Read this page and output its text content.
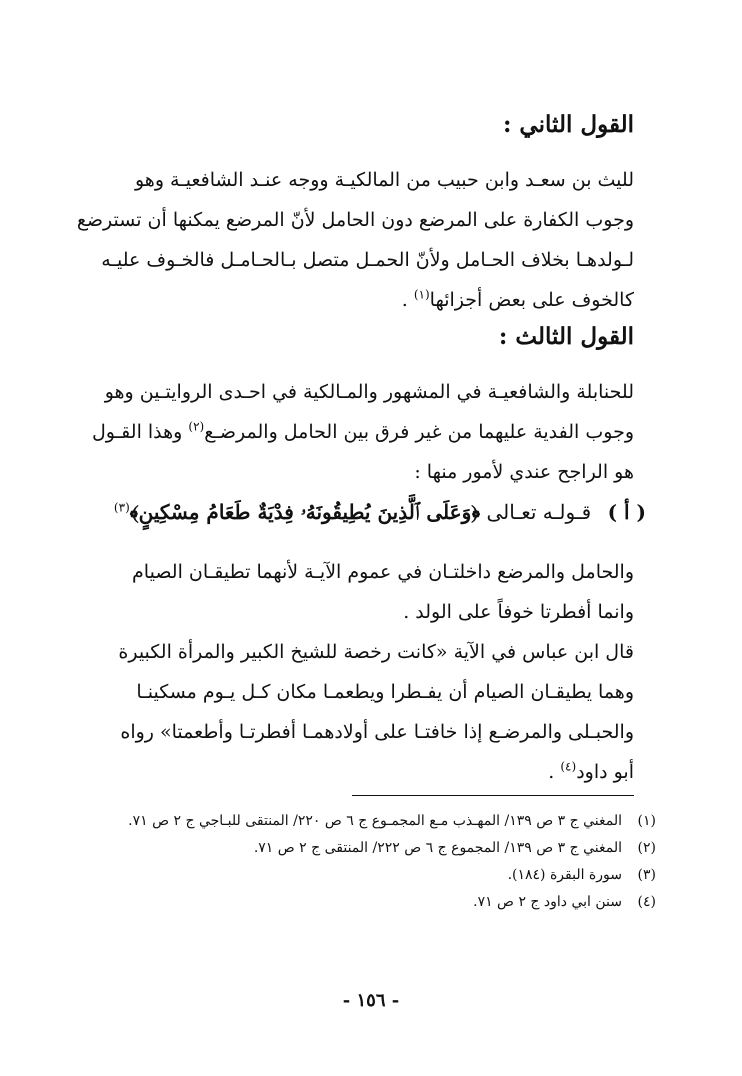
القول الثاني :
لليث بن سعـد وابن حبيب من المالكيـة ووجه عنـد الشافعيـة وهو
وجوب الكفارة على المرضع دون الحامل لأنّ المرضع يمكنها أن تسترضع
لـولدهـا بخلاف الحـامل ولأنّ الحمـل متصل بـالحـامـل فالخـوف عليـه
كالخوف على بعض أجزائها$^{(١)}$ .
القول الثالث :
للحنابلة والشافعيـة في المشهور والمـالكية في احـدى الروايتـين وهو
وجوب الفدية عليهما من غير فرق بين الحامل والمرضـع$^{(٢)}$ وهذا القـول
هو الراجح عندي لأمور منها :
( أ ) قـولـه تعـالى ﴿وَعَلَى ٱلَّذِينَ يُطِيقُونَهُۥ فِدْيَةٌ طَعَامُ مِسْكِينٍ﴾$^{(٣)}$
والحامل والمرضع داخلتـان في عموم الآيـة لأنهما تطيقـان الصيام
وانما أفطرتا خوفاً على الولد .
قال ابن عباس في الآية «كانت رخصة للشيخ الكبير والمرأة الكبيرة
وهما يطيقـان الصيام أن يفـطرا ويطعمـا مكان كـل يـوم مسكينـا
والحبـلى والمرضـع إذا خافتـا على أولادهمـا أفطرتـا وأطعمتا» رواه
أبو داود$^{(٤)}$ .
(١)
المغني ج ٣ ص ١٣٩/ المهـذب مـع المجمـوع ج ٦ ص ٢٢٠/ المنتقى للبـاجي ج ٢ ص ٧١.
(٢)
المغني ج ٣ ص ١٣٩/ المجموع ج ٦ ص ٢٢٢/ المنتقى ج ٢ ص ٧١.
(٣)
سورة البقرة (١٨٤).
(٤)
سنن ابي داود ج ٢ ص ٧١.
- ١٥٦ -
